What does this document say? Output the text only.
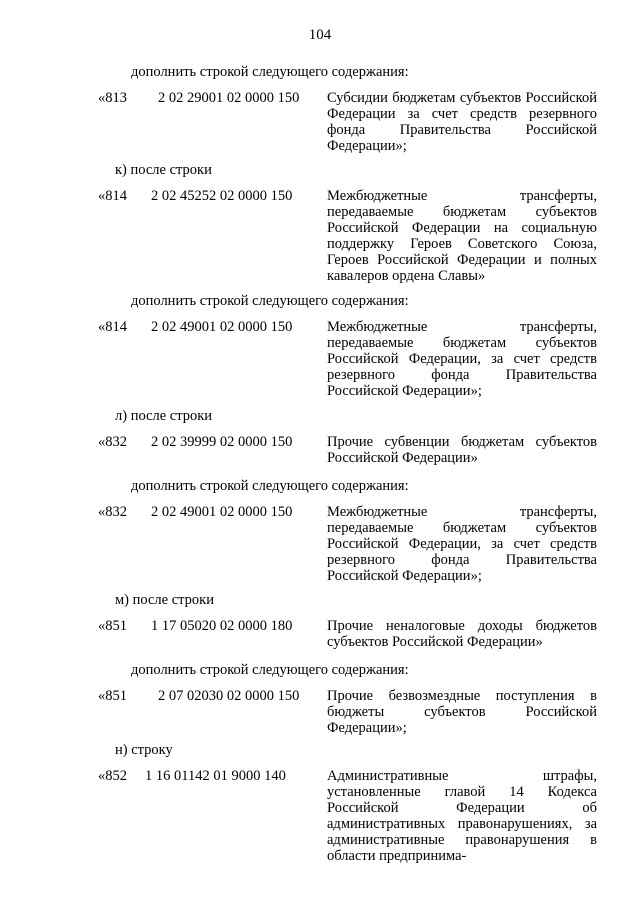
104
дополнить строкой следующего содержания:
«813 2 02 29001 02 0000 150 Субсидии бюджетам субъектов Российской Федерации за счет средств резервного фонда Правительства Российской Федерации»;
к) после строки
«814 2 02 45252 02 0000 150 Межбюджетные трансферты, передаваемые бюджетам субъектов Российской Федерации на социальную поддержку Героев Советского Союза, Героев Российской Федерации и полных кавалеров ордена Славы»
дополнить строкой следующего содержания:
«814 2 02 49001 02 0000 150 Межбюджетные трансферты, передаваемые бюджетам субъектов Российской Федерации, за счет средств резервного фонда Правительства Российской Федерации»;
л) после строки
«832 2 02 39999 02 0000 150 Прочие субвенции бюджетам субъектов Российской Федерации»
дополнить строкой следующего содержания:
«832 2 02 49001 02 0000 150 Межбюджетные трансферты, передаваемые бюджетам субъектов Российской Федерации, за счет средств резервного фонда Правительства Российской Федерации»;
м) после строки
«851 1 17 05020 02 0000 180 Прочие неналоговые доходы бюджетов субъектов Российской Федерации»
дополнить строкой следующего содержания:
«851 2 07 02030 02 0000 150 Прочие безвозмездные поступления в бюджеты субъектов Российской Федерации»;
н) строку
«852 1 16 01142 01 9000 140	Административные штрафы, установленные главой 14 Кодекса Российской Федерации об административных правонарушениях, за административные правонарушения в области предпринима-
